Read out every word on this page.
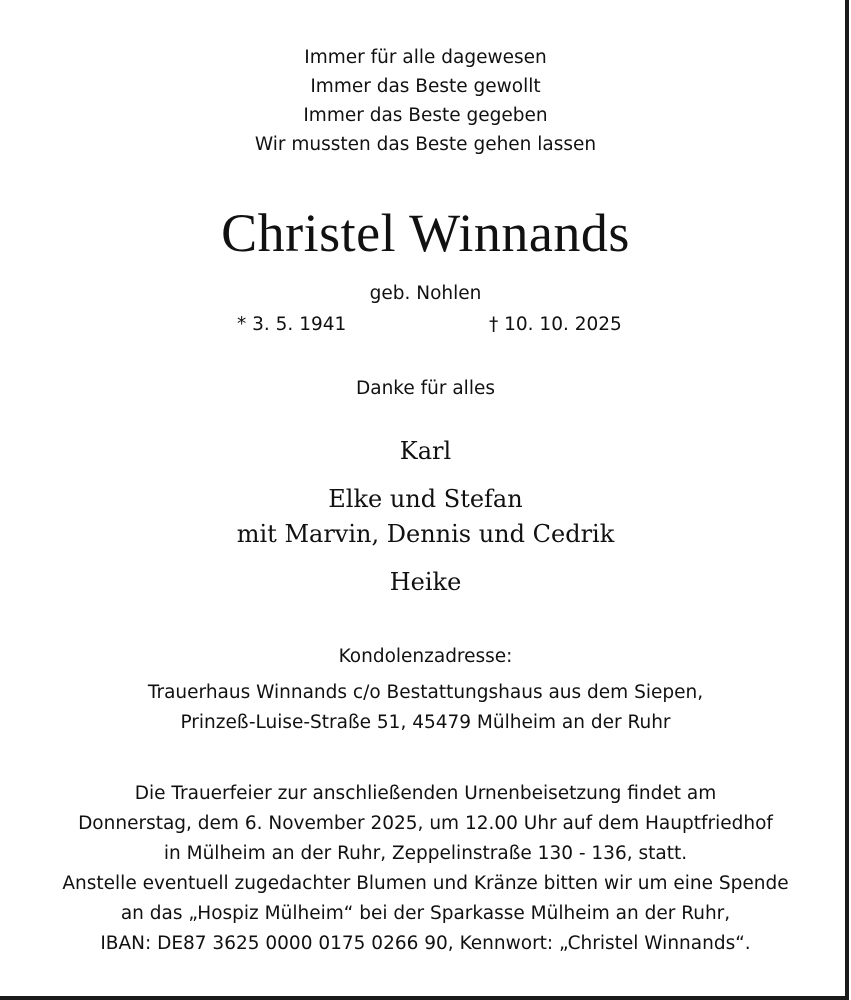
Immer für alle dagewesen
Immer das Beste gewollt
Immer das Beste gegeben
Wir mussten das Beste gehen lassen
Christel Winnands
geb. Nohlen
* 3. 5. 1941	† 10. 10. 2025
Danke für alles
Karl
Elke und Stefan
mit Marvin, Dennis und Cedrik
Heike
Kondolenzadresse:
Trauerhaus Winnands c/o Bestattungshaus aus dem Siepen,
Prinzeß-Luise-Straße 51, 45479 Mülheim an der Ruhr
Die Trauerfeier zur anschließenden Urnenbeisetzung findet am
Donnerstag, dem 6. November 2025, um 12.00 Uhr auf dem Hauptfriedhof
in Mülheim an der Ruhr, Zeppelinstraße 130 - 136, statt.
Anstelle eventuell zugedachter Blumen und Kränze bitten wir um eine Spende
an das „Hospiz Mülheim“ bei der Sparkasse Mülheim an der Ruhr,
IBAN: DE87 3625 0000 0175 0266 90, Kennwort: „Christel Winnands“.
